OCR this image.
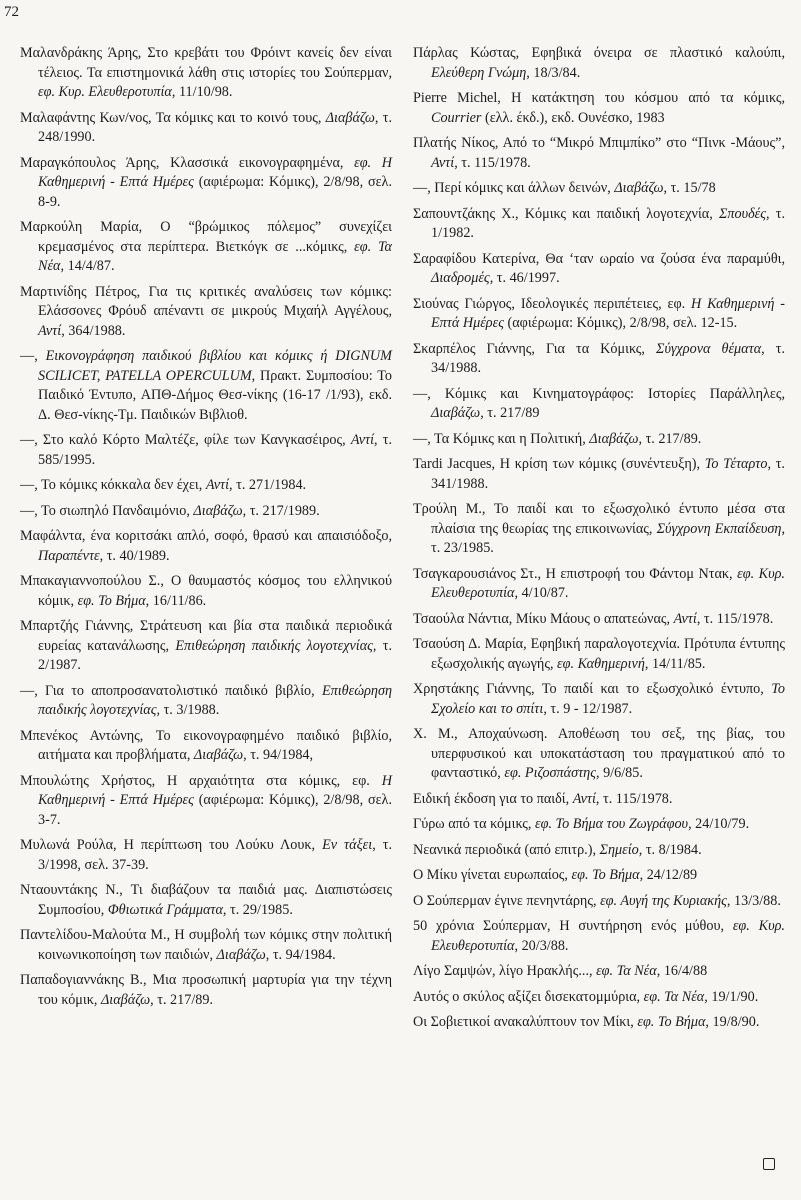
72

Μαλανδράκης Άρης, Στο κρεβάτι του Φρόιντ κανείς δεν είναι τέλειος. Τα επιστημονικά λάθη στις ιστορίες του Σούπερμαν, εφ. Κυρ. Ελευθεροτυπία, 11/10/98.

Μαλαφάντης Κων/νος, Τα κόμικς και το κοινό τους, Διαβάζω, τ. 248/1990.

Μαραγκόπουλος Άρης, Κλασσικά εικονογραφημένα, εφ. Η Καθημερινή - Επτά Ημέρες (αφιέρωμα: Κόμικς), 2/8/98, σελ. 8-9.

Μαρκούλη Μαρία, Ο “βρώμικος πόλεμος” συνεχίζει κρεμασμένος στα περίπτερα. Βιετκόγκ σε ...κόμικς, εφ. Τα Νέα, 14/4/87.

Μαρτινίδης Πέτρος, Για τις κριτικές αναλύσεις των κόμικς: Ελάσσονες Φρόυδ απέναντι σε μικρούς Μιχαήλ Αγγέλους, Αντί, 364/1988.

—, Εικονογράφηση παιδικού βιβλίου και κόμικς ή DIGNUM SCILICET, PATELLA OPERCULUM, Πρακτ. Συμποσίου: Το Παιδικό Έντυπο, ΑΠΘ-Δήμος Θεσ-νίκης (16-17 /1/93), εκδ. Δ. Θεσ-νίκης-Τμ. Παιδικών Βιβλιοθ.

—, Στο καλό Κόρτο Μαλτέζε, φίλε των Κανγκασέιρος, Αντί, τ. 585/1995.

—, Το κόμικς κόκκαλα δεν έχει, Αντί, τ. 271/1984.

—, Το σιωπηλό Πανδαιμόνιο, Διαβάζω, τ. 217/1989.

Μαφάλντα, ένα κοριτσάκι απλό, σοφό, θρασύ και απαισιόδοξο, Παραπέντε, τ. 40/1989.

Μπακαγιαννοπούλου Σ., Ο θαυμαστός κόσμος του ελληνικού κόμικ, εφ. Το Βήμα, 16/11/86.

Μπαρτζής Γιάννης, Στράτευση και βία στα παιδικά περιοδικά ευρείας κατανάλωσης, Επιθεώρηση παιδικής λογοτεχνίας, τ. 2/1987.

—, Για το αποπροσανατολιστικό παιδικό βιβλίο, Επιθεώρηση παιδικής λογοτεχνίας, τ. 3/1988.

Μπενέκος Αντώνης, Το εικονογραφημένο παιδικό βιβλίο, αιτήματα και προβλήματα, Διαβάζω, τ. 94/1984,

Μπουλώτης Χρήστος, Η αρχαιότητα στα κόμικς, εφ. Η Καθημερινή - Επτά Ημέρες (αφιέρωμα: Κόμικς), 2/8/98, σελ. 3-7.

Μυλωνά Ρούλα, Η περίπτωση του Λούκυ Λουκ, Εν τάξει, τ. 3/1998, σελ. 37-39.

Νταουντάκης Ν., Τι διαβάζουν τα παιδιά μας. Διαπιστώσεις Συμποσίου, Φθιωτικά Γράμματα, τ. 29/1985.

Παντελίδου-Μαλούτα Μ., Η συμβολή των κόμικς στην πολιτική κοινωνικοποίηση των παιδιών, Διαβάζω, τ. 94/1984.

Παπαδογιαννάκης Β., Μια προσωπική μαρτυρία για την τέχνη του κόμικ, Διαβάζω, τ. 217/89.

Πάρλας Κώστας, Εφηβικά όνειρα σε πλαστικό καλούπι, Ελεύθερη Γνώμη, 18/3/84.

Pierre Michel, Η κατάκτηση του κόσμου από τα κόμικς, Courrier (ελλ. έκδ.), εκδ. Ουνέσκο, 1983

Πλατής Νίκος, Από το “Μικρό Μπιμπίκο” στο “Πινκ -Μάους”, Αντί, τ. 115/1978.

—, Περί κόμικς και άλλων δεινών, Διαβάζω, τ. 15/78

Σαπουντζάκης Χ., Κόμικς και παιδική λογοτεχνία, Σπουδές, τ. 1/1982.

Σαραφίδου Κατερίνα, Θα ‘ταν ωραίο να ζούσα ένα παραμύθι, Διαδρομές, τ. 46/1997.

Σιούνας Γιώργος, Ιδεολογικές περιπέτειες, εφ. Η Καθημερινή - Επτά Ημέρες (αφιέρωμα: Κόμικς), 2/8/98, σελ. 12-15.

Σκαρπέλος Γιάννης, Για τα Κόμικς, Σύγχρονα θέματα, τ. 34/1988.

—, Κόμικς και Κινηματογράφος: Ιστορίες Παράλληλες, Διαβάζω, τ. 217/89

—, Τα Κόμικς και η Πολιτική, Διαβάζω, τ. 217/89.

Tardi Jacques, Η κρίση των κόμικς (συνέντευξη), Το Τέταρτο, τ. 341/1988.

Τρούλη Μ., Το παιδί και το εξωσχολικό έντυπο μέσα στα πλαίσια της θεωρίας της επικοινωνίας, Σύγχρονη Εκπαίδευση, τ. 23/1985.

Τσαγκαρουσιάνος Στ., Η επιστροφή του Φάντομ Ντακ, εφ. Κυρ. Ελευθεροτυπία, 4/10/87.

Τσαούλα Νάντια, Μίκυ Μάους ο απατεώνας, Αντί, τ. 115/1978.

Τσαούση Δ. Μαρία, Εφηβική παραλογοτεχνία. Πρότυπα έντυπης εξωσχολικής αγωγής, εφ. Καθημερινή, 14/11/85.

Χρηστάκης Γιάννης, Το παιδί και το εξωσχολικό έντυπο, Το Σχολείο και το σπίτι, τ. 9 - 12/1987.

Χ. Μ., Αποχαύνωση. Αποθέωση του σεξ, της βίας, του υπερφυσικού και υποκατάσταση του πραγματικού από το φανταστικό, εφ. Ριζοσπάστης, 9/6/85.

Ειδική έκδοση για το παιδί, Αντί, τ. 115/1978.

Γύρω από τα κόμικς, εφ. Το Βήμα του Ζωγράφου, 24/10/79.

Νεανικά περιοδικά (από επιτρ.), Σημείο, τ. 8/1984.

Ο Μίκυ γίνεται ευρωπαίος, εφ. Το Βήμα, 24/12/89

Ο Σούπερμαν έγινε πενηντάρης, εφ. Αυγή της Κυριακής, 13/3/88.

50 χρόνια Σούπερμαν, Η συντήρηση ενός μύθου, εφ. Κυρ. Ελευθεροτυπία, 20/3/88.

Λίγο Σαμψών, λίγο Ηρακλής..., εφ. Τα Νέα, 16/4/88

Αυτός ο σκύλος αξίζει δισεκατομμύρια, εφ. Τα Νέα, 19/1/90.

Οι Σοβιετικοί ανακαλύπτουν τον Μίκι, εφ. Το Βήμα, 19/8/90.
